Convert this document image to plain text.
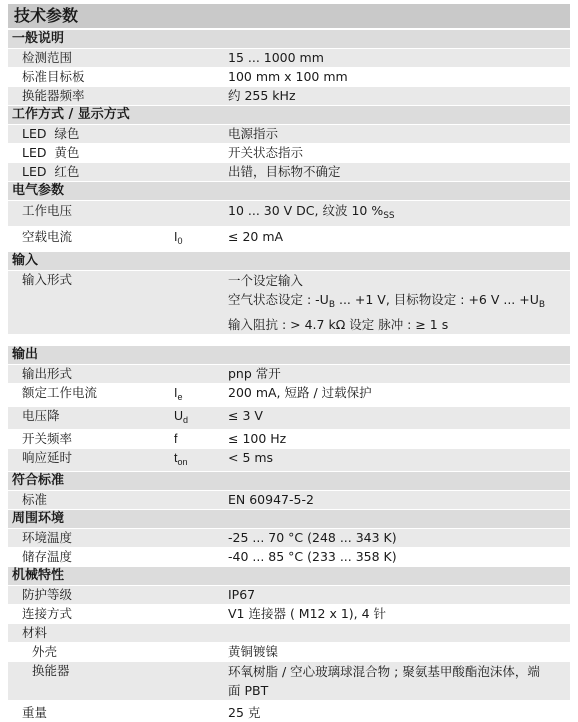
技术参数
一般说明
检测范围	15 ... 1000 mm
标准目标板	100 mm x 100 mm
换能器频率	约 255 kHz
工作方式 / 显示方式
LED  绿色	电源指示
LED  黄色	开关状态指示
LED  红色	出错，目标物不确定
电气参数
工作电压	10 ... 30 V DC, 纹波 10 $\%_{SS}$
空载电流	$I_0$	≤ 20 mA
输入
输入形式	一个设定输入
空气状态设定 : $-U_B$ ... +1 V, 目标物设定 : +6 V ... $+U_B$
输入阻抗 : > 4.7 kΩ 设定 脉冲 : ≥ 1 s
输出
输出形式	pnp 常开
额定工作电流	$I_e$	200 mA, 短路 / 过载保护
电压降	$U_d$	≤ 3 V
开关频率	f	≤ 100 Hz
响应延时	$t_{on}$	< 5 ms
符合标准
标准	EN 60947-5-2
周围环境
环境温度	-25 ... 70 °C (248 ... 343 K)
储存温度	-40 ... 85 °C (233 ... 358 K)
机械特性
防护等级	IP67
连接方式	V1 连接器 ( M12 x 1), 4 针
材料
外壳	黄铜镀镍
换能器	环氧树脂 / 空心玻璃球混合物 ; 聚氨基甲酸酯泡沫体，端
面 PBT
重量	25 克
